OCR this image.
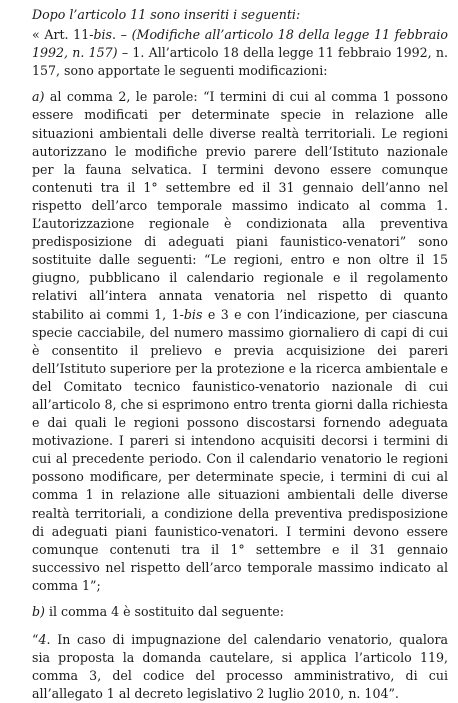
Dopo l’articolo 11 sono inseriti i seguenti:

« Art. 11-bis. – (Modifiche all’articolo 18 della legge 11 febbraio 1992, n. 157) – 1. All’articolo 18 della legge 11 febbraio 1992, n. 157, sono apportate le seguenti modificazioni:

a) al comma 2, le parole: “I termini di cui al comma 1 possono essere modificati per determinate specie in relazione alle situazioni ambientali delle diverse realtà territoriali. Le regioni autorizzano le modifiche previo parere dell’Istituto nazionale per la fauna selvatica. I termini devono essere comunque contenuti tra il 1° settembre ed il 31 gennaio dell’anno nel rispetto dell’arco temporale massimo indicato al comma 1. L’autorizzazione regionale è condizionata alla preventiva predisposizione di adeguati piani faunistico-venatori” sono sostituite dalle seguenti: “Le regioni, entro e non oltre il 15 giugno, pubblicano il calendario regionale e il regolamento relativi all’intera annata venatoria nel rispetto di quanto stabilito ai commi 1, 1-bis e 3 e con l’indicazione, per ciascuna specie cacciabile, del numero massimo giornaliero di capi di cui è consentito il prelievo e previa acquisizione dei pareri dell’Istituto superiore per la protezione e la ricerca ambientale e del Comitato tecnico faunistico-venatorio nazionale di cui all’articolo 8, che si esprimono entro trenta giorni dalla richiesta e dai quali le regioni possono discostarsi fornendo adeguata motivazione. I pareri si intendono acquisiti decorsi i termini di cui al precedente periodo. Con il calendario venatorio le regioni possono modificare, per determinate specie, i termini di cui al comma 1 in relazione alle situazioni ambientali delle diverse realtà territoriali, a condizione della preventiva predisposizione di adeguati piani faunistico-venatori. I termini devono essere comunque contenuti tra il 1° settembre e il 31 gennaio successivo nel rispetto dell’arco temporale massimo indicato al comma 1”;

b) il comma 4 è sostituito dal seguente:

“4. In caso di impugnazione del calendario venatorio, qualora sia proposta la domanda cautelare, si applica l’articolo 119, comma 3, del codice del processo amministrativo, di cui all’allegato 1 al decreto legislativo 2 luglio 2010, n. 104”.
